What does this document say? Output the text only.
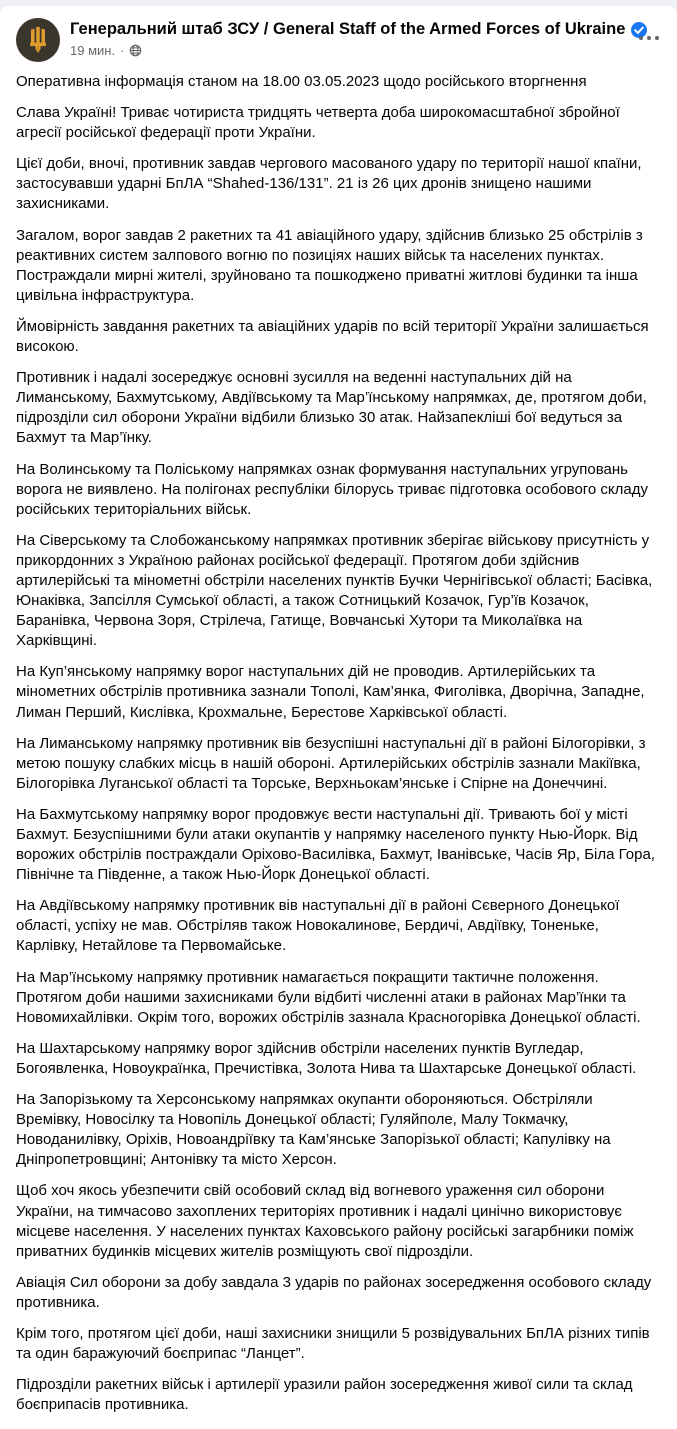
Генеральний штаб ЗСУ / General Staff of the Armed Forces of Ukraine
19 мин. ·

Оперативна інформація станом на 18.00 03.05.2023 щодо російського вторгнення

Слава Україні! Триває чотириста тридцять четверта доба широкомасштабної збройної агресії російської федерації проти України.

Цієї доби, вночі, противник завдав чергового масованого удару по території нашої кпаїни, застосувавши ударні БпЛА “Shahed-136/131”. 21 із 26 цих дронів знищено нашими захисниками.

Загалом, ворог завдав 2 ракетних та 41 авіаційного удару, здійснив близько 25 обстрілів з реактивних систем залпового вогню по позиціях наших військ та населених пунктах. Постраждали мирні жителі, зруйновано та пошкоджено приватні житлові будинки та інша цивільна інфраструктура.

Ймовірність завдання ракетних та авіаційних ударів по всій території України залишається високою.

Противник і надалі зосереджує основні зусилля на веденні наступальних дій на Лиманському, Бахмутському, Авдіївському та Мар’їнському напрямках, де, протягом доби, підрозділи сил оборони України відбили близько 30 атак. Найзапекліші бої ведуться за Бахмут та Мар’їнку.

На Волинському та Поліському напрямках ознак формування наступальних угруповань ворога не виявлено. На полігонах республіки білорусь триває підготовка особового складу російських територіальних військ.

На Сіверському та Слобожанському напрямках противник зберігає військову присутність у прикордонних з Україною районах російської федерації. Протягом доби здійснив артилерійські та мінометні обстріли населених пунктів Бучки Чернігівської області; Басівка, Юнаківка, Запсілля Сумської області, а також Сотницький Козачок, Гур’їв Козачок, Баранівка, Червона Зоря, Стрілеча, Гатище, Вовчанські Хутори та Миколаївка на Харківщині.

На Куп’янському напрямку ворог наступальних дій не проводив. Артилерійських та мінометних обстрілів противника зазнали Тополі, Кам’янка, Фиголівка, Дворічна, Западне, Лиман Перший, Кислівка, Крохмальне, Берестове Харківської області.

На Лиманському напрямку противник вів безуспішні наступальні дії в районі Білогорівки, з метою пошуку слабких місць в нашій обороні. Артилерійських обстрілів зазнали Макіївка, Білогорівка Луганської області та Торське, Верхньокам’янське і Спірне на Донеччині.

На Бахмутському напрямку ворог продовжує вести наступальні дії. Тривають бої у місті Бахмут. Безуспішними були атаки окупантів у напрямку населеного пункту Нью-Йорк. Від ворожих обстрілів постраждали Оріхово-Василівка, Бахмут, Іванівське, Часів Яр, Біла Гора, Північне та Південне, а також Нью-Йорк Донецької області.

На Авдіївському напрямку противник вів наступальні дії в районі Сєверного Донецької області, успіху не мав. Обстріляв також Новокалинове, Бердичі, Авдіївку, Тоненьке, Карлівку, Нетайлове та Первомайське.

На Мар’їнському напрямку противник намагається покращити тактичне положення. Протягом доби нашими захисниками були відбиті численні атаки в районах Мар’їнки та Новомихайлівки. Окрім того, ворожих обстрілів зазнала Красногорівка Донецької області.

На Шахтарському напрямку ворог здійснив обстріли населених пунктів Вугледар, Богоявленка, Новоукраїнка, Пречистівка, Золота Нива та Шахтарське Донецької області.

На Запорізькому та Херсонському напрямках окупанти обороняються. Обстріляли Времівку, Новосілку та Новопіль Донецької області; Гуляйполе, Малу Токмачку, Новоданилівку, Оріхів, Новоандріївку та Кам’янське Запорізької області; Капулівку на Дніпропетровщині; Антонівку та місто Херсон.

Щоб хоч якось убезпечити свій особовий склад від вогневого ураження сил оборони України, на тимчасово захоплених територіях противник і надалі цинічно використовує місцеве населення. У населених пунктах Каховського району російські загарбники поміж приватних будинків місцевих жителів розміщують свої підрозділи.

Авіація Сил оборони за добу завдала 3 ударів по районах зосередження особового складу противника.

Крім того, протягом цієї доби, наші захисники знищили 5 розвідувальних БпЛА різних типів та один баражуючий боєприпас “Ланцет”.

Підрозділи ракетних військ і артилерії уразили район зосередження живої сили та склад боєприпасів противника.
